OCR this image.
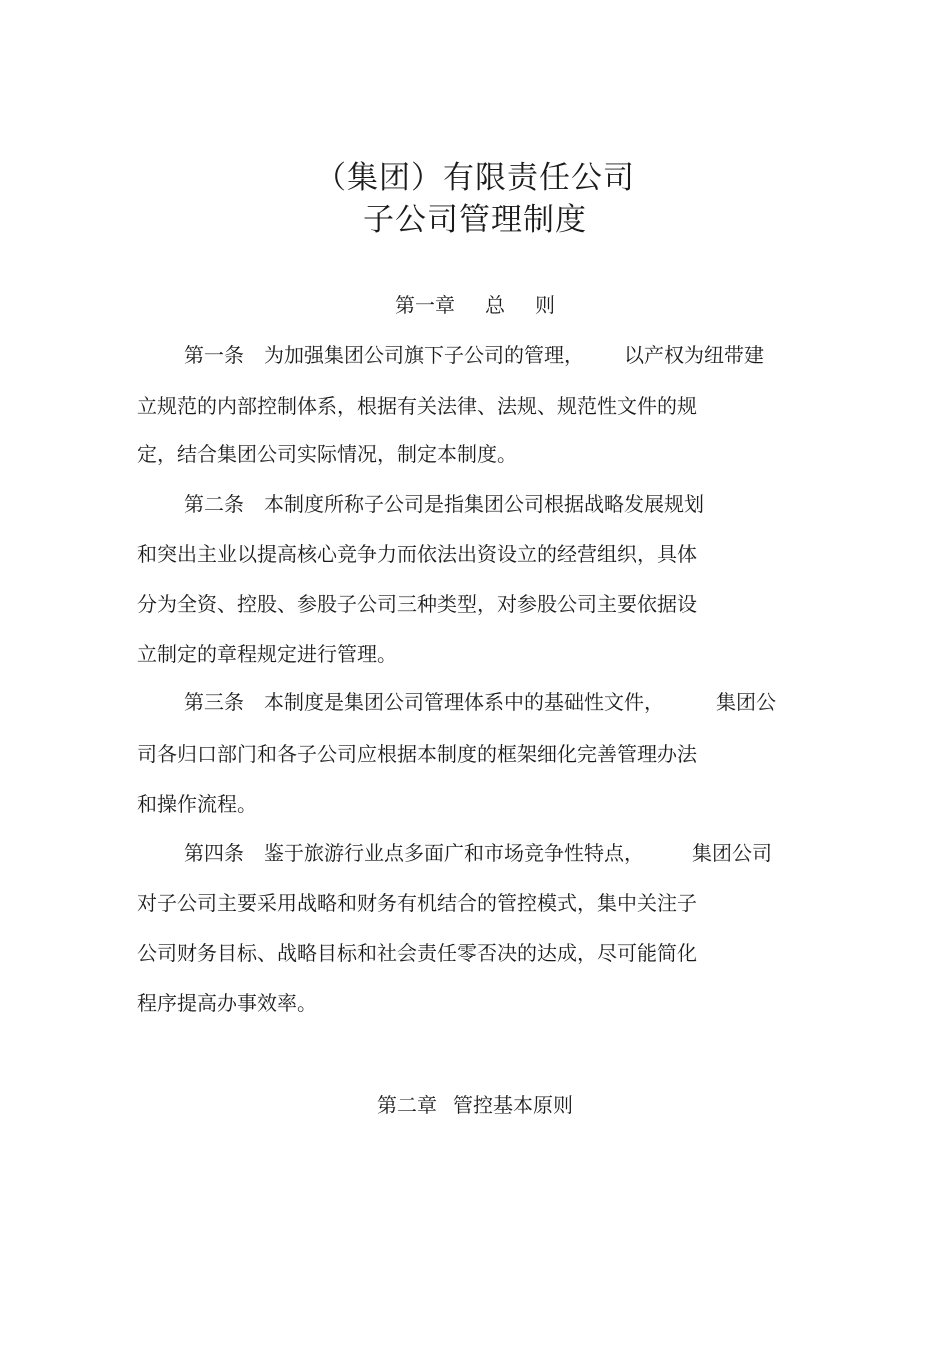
（集团）有限责任公司
子公司管理制度
第一章 总 则
第一条 为加强集团公司旗下子公司的管理， 以产权为纽带建
立规范的内部控制体系，根据有关法律、法规、规范性文件的规
定，结合集团公司实际情况，制定本制度。
第二条 本制度所称子公司是指集团公司根据战略发展规划
和突出主业以提高核心竞争力而依法出资设立的经营组织，具体
分为全资、控股、参股子公司三种类型，对参股公司主要依据设
立制定的章程规定进行管理。
第三条 本制度是集团公司管理体系中的基础性文件，	集团公
司各归口部门和各子公司应根据本制度的框架细化完善管理办法
和操作流程。
第四条 鉴于旅游行业点多面广和市场竞争性特点， 集团公司
对子公司主要采用战略和财务有机结合的管控模式，集中关注子
公司财务目标、战略目标和社会责任零否决的达成，尽可能简化
程序提高办事效率。
第二章 管控基本原则
